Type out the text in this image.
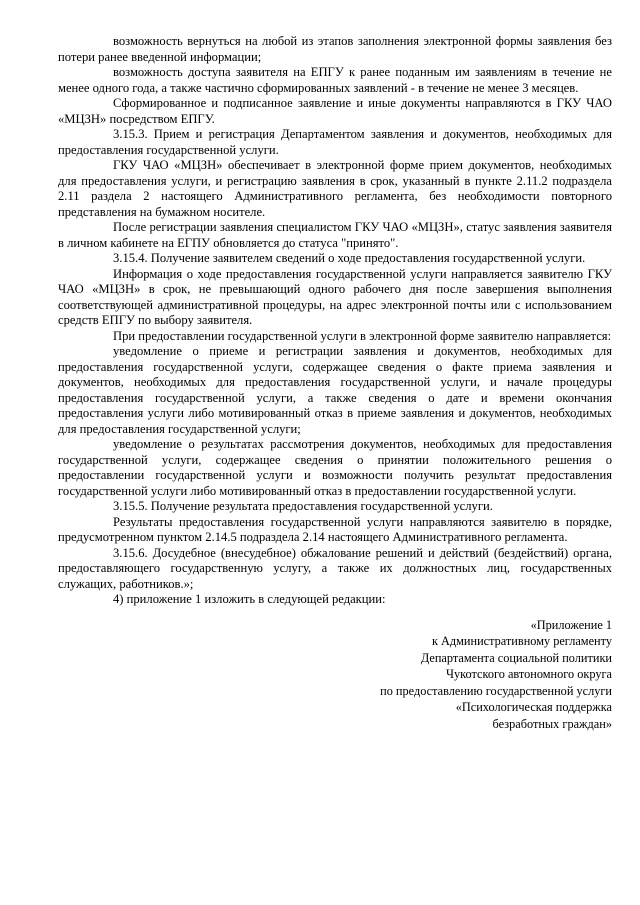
возможность вернуться на любой из этапов заполнения электронной формы заявления без потери ранее введенной информации;

возможность доступа заявителя на ЕПГУ к ранее поданным им заявлениям в течение не менее одного года, а также частично сформированных заявлений - в течение не менее 3 месяцев.

Сформированное и подписанное заявление и иные документы направляются в ГКУ ЧАО «МЦЗН» посредством ЕПГУ.

3.15.3. Прием и регистрация Департаментом заявления и документов, необходимых для предоставления государственной услуги.

ГКУ ЧАО «МЦЗН» обеспечивает в электронной форме прием документов, необходимых для предоставления услуги, и регистрацию заявления в срок, указанный в пункте 2.11.2 подраздела 2.11 раздела 2 настоящего Административного регламента, без необходимости повторного представления на бумажном носителе.

После регистрации заявления специалистом ГКУ ЧАО «МЦЗН», статус заявления заявителя в личном кабинете на ЕГПУ обновляется до статуса "принято".

3.15.4. Получение заявителем сведений о ходе предоставления государственной услуги.

Информация о ходе предоставления государственной услуги направляется заявителю ГКУ ЧАО «МЦЗН» в срок, не превышающий одного рабочего дня после завершения выполнения соответствующей административной процедуры, на адрес электронной почты или с использованием средств ЕПГУ по выбору заявителя.

При предоставлении государственной услуги в электронной форме заявителю направляется:

уведомление о приеме и регистрации заявления и документов, необходимых для предоставления государственной услуги, содержащее сведения о факте приема заявления и документов, необходимых для предоставления государственной услуги, и начале процедуры предоставления государственной услуги, а также сведения о дате и времени окончания предоставления услуги либо мотивированный отказ в приеме заявления и документов, необходимых для предоставления государственной услуги;

уведомление о результатах рассмотрения документов, необходимых для предоставления государственной услуги, содержащее сведения о принятии положительного решения о предоставлении государственной услуги и возможности получить результат предоставления государственной услуги либо мотивированный отказ в предоставлении государственной услуги.

3.15.5. Получение результата предоставления государственной услуги.

Результаты предоставления государственной услуги направляются заявителю в порядке, предусмотренном пунктом 2.14.5 подраздела 2.14 настоящего Административного регламента.

3.15.6. Досудебное (внесудебное) обжалование решений и действий (бездействий) органа, предоставляющего государственную услугу, а также их должностных лиц, государственных служащих, работников.»;

4) приложение 1 изложить в следующей редакции:

«Приложение 1

к Административному регламенту

Департамента социальной политики

Чукотского автономного округа

по предоставлению государственной услуги

«Психологическая поддержка

безработных граждан»
